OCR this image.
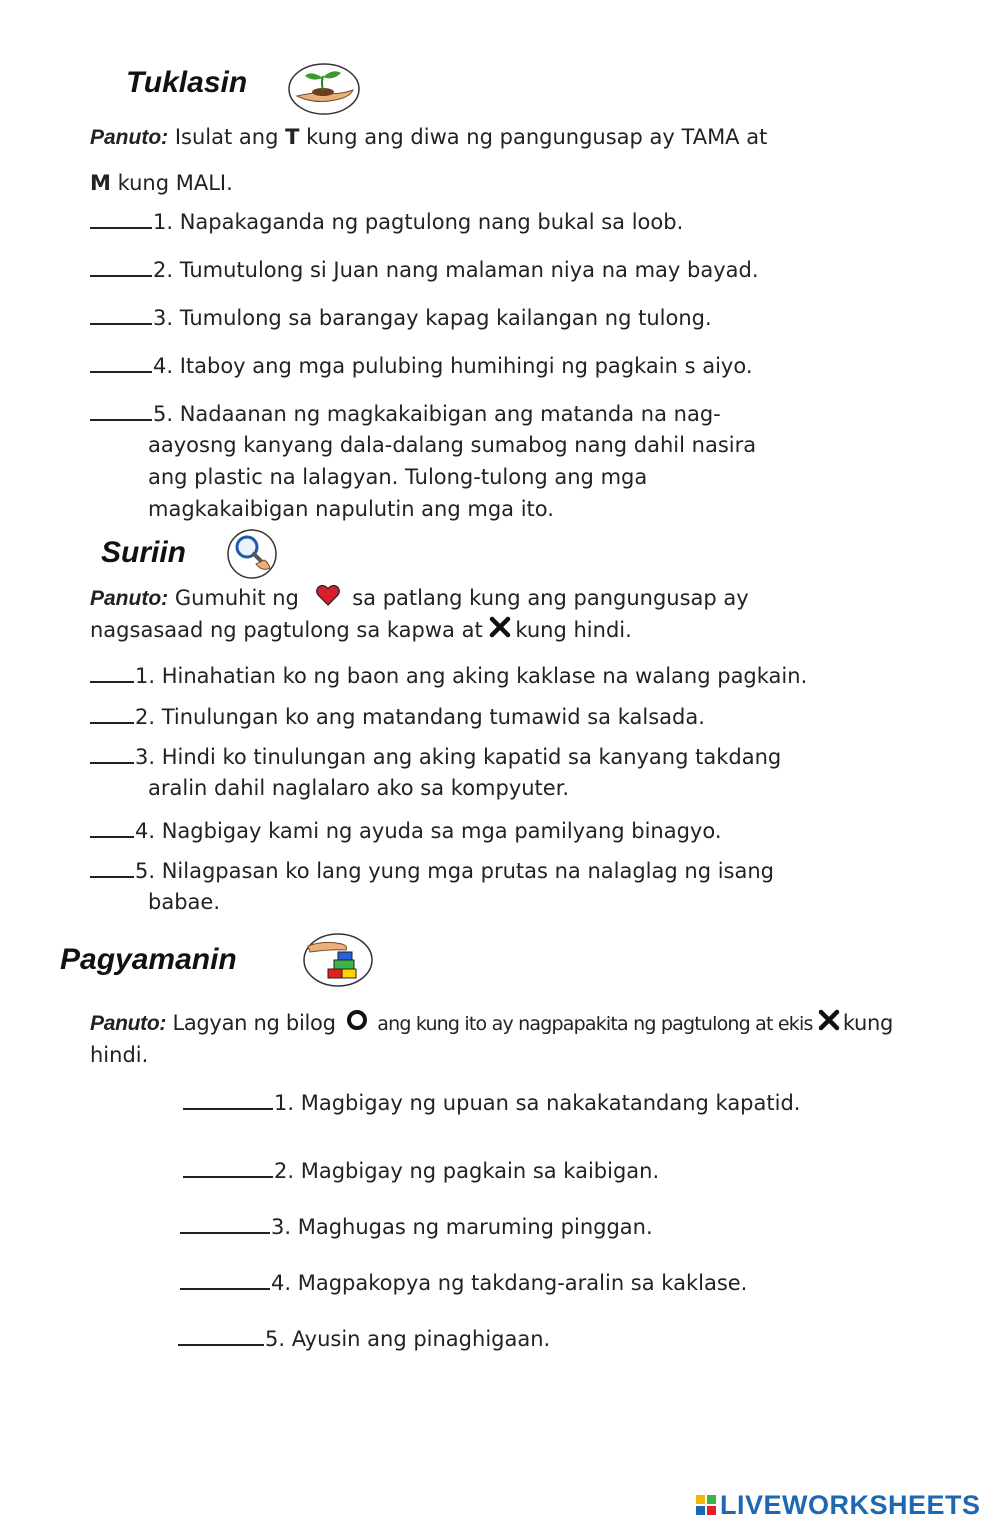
Tuklasin
Panuto: Isulat ang T kung ang diwa ng pangungusap ay TAMA at
M kung MALI.
1. Napakaganda ng pagtulong nang bukal sa loob.
2. Tumutulong si Juan nang malaman niya na may bayad.
3. Tumulong sa barangay kapag kailangan ng tulong.
4. Itaboy ang mga pulubing humihingi ng pagkain s aiyo.
5. Nadaanan ng magkakaibigan ang matanda na nag-
aayosng kanyang dala-dalang sumabog nang dahil nasira
ang plastic na lalagyan. Tulong-tulong ang mga
magkakaibigan napulutin ang mga ito.
Suriin
Panuto: Gumuhit ng  sa patlang kung ang pangungusap ay
nagsasaad ng pagtulong sa kapwa at kung hindi.
1. Hinahatian ko ng baon ang aking kaklase na walang pagkain.
2. Tinulungan ko ang matandang tumawid sa kalsada.
3. Hindi ko tinulungan ang aking kapatid sa kanyang takdang
aralin dahil naglalaro ako sa kompyuter.
4. Nagbigay kami ng ayuda sa mga pamilyang binagyo.
5. Nilagpasan ko lang yung mga prutas na nalaglag ng isang
babae.
Pagyamanin
Panuto: Lagyan ng bilog  ang kung ito ay nagpapakita ng pagtulong at ekis kung
hindi.
1. Magbigay ng upuan sa nakakatandang kapatid.
2. Magbigay ng pagkain sa kaibigan.
3. Maghugas ng maruming pinggan.
4. Magpakopya ng takdang-aralin sa kaklase.
5. Ayusin ang pinaghigaan.
LIVEWORKSHEETS
